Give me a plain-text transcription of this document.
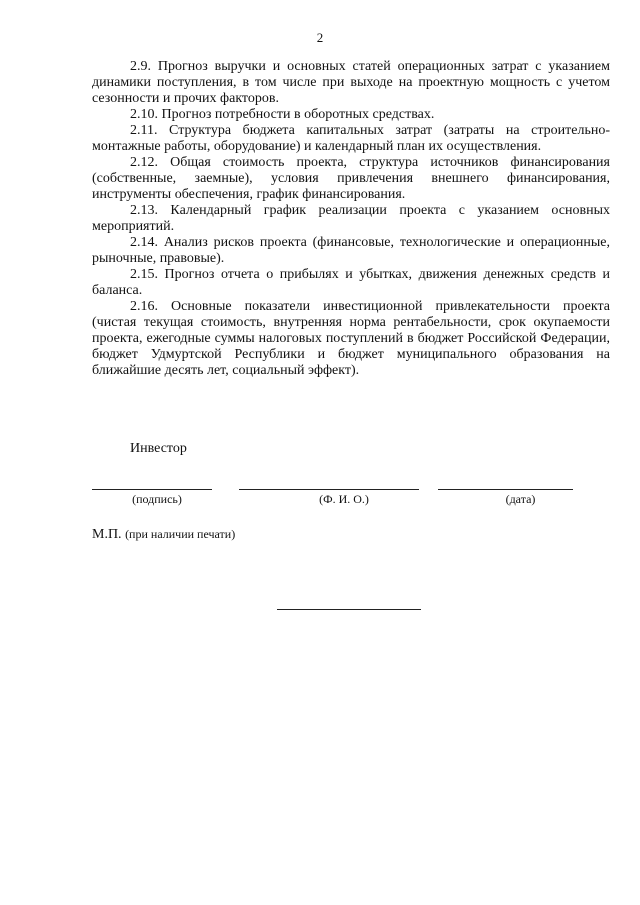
2

2.9. Прогноз выручки и основных статей операционных затрат с указанием динамики поступления, в том числе при выходе на проектную мощность с учетом сезонности и прочих факторов.

2.10. Прогноз потребности в оборотных средствах.

2.11. Структура бюджета капитальных затрат (затраты на строительно-монтажные работы, оборудование) и календарный план их осуществления.

2.12. Общая стоимость проекта, структура источников финансирования (собственные, заемные), условия привлечения внешнего финансирования, инструменты обеспечения, график финансирования.

2.13. Календарный график реализации проекта с указанием основных мероприятий.

2.14. Анализ рисков проекта (финансовые, технологические и операционные, рыночные, правовые).

2.15. Прогноз отчета о прибылях и убытках, движения денежных средств и баланса.

2.16. Основные показатели инвестиционной привлекательности проекта (чистая текущая стоимость, внутренняя норма рентабельности, срок окупаемости проекта, ежегодные суммы налоговых поступлений в бюджет Российской Федерации, бюджет Удмуртской Республики и бюджет муниципального образования на ближайшие десять лет, социальный эффект).

Инвестор
(подпись)	(Ф. И. О.)	(дата)
М.П. (при наличии печати)
